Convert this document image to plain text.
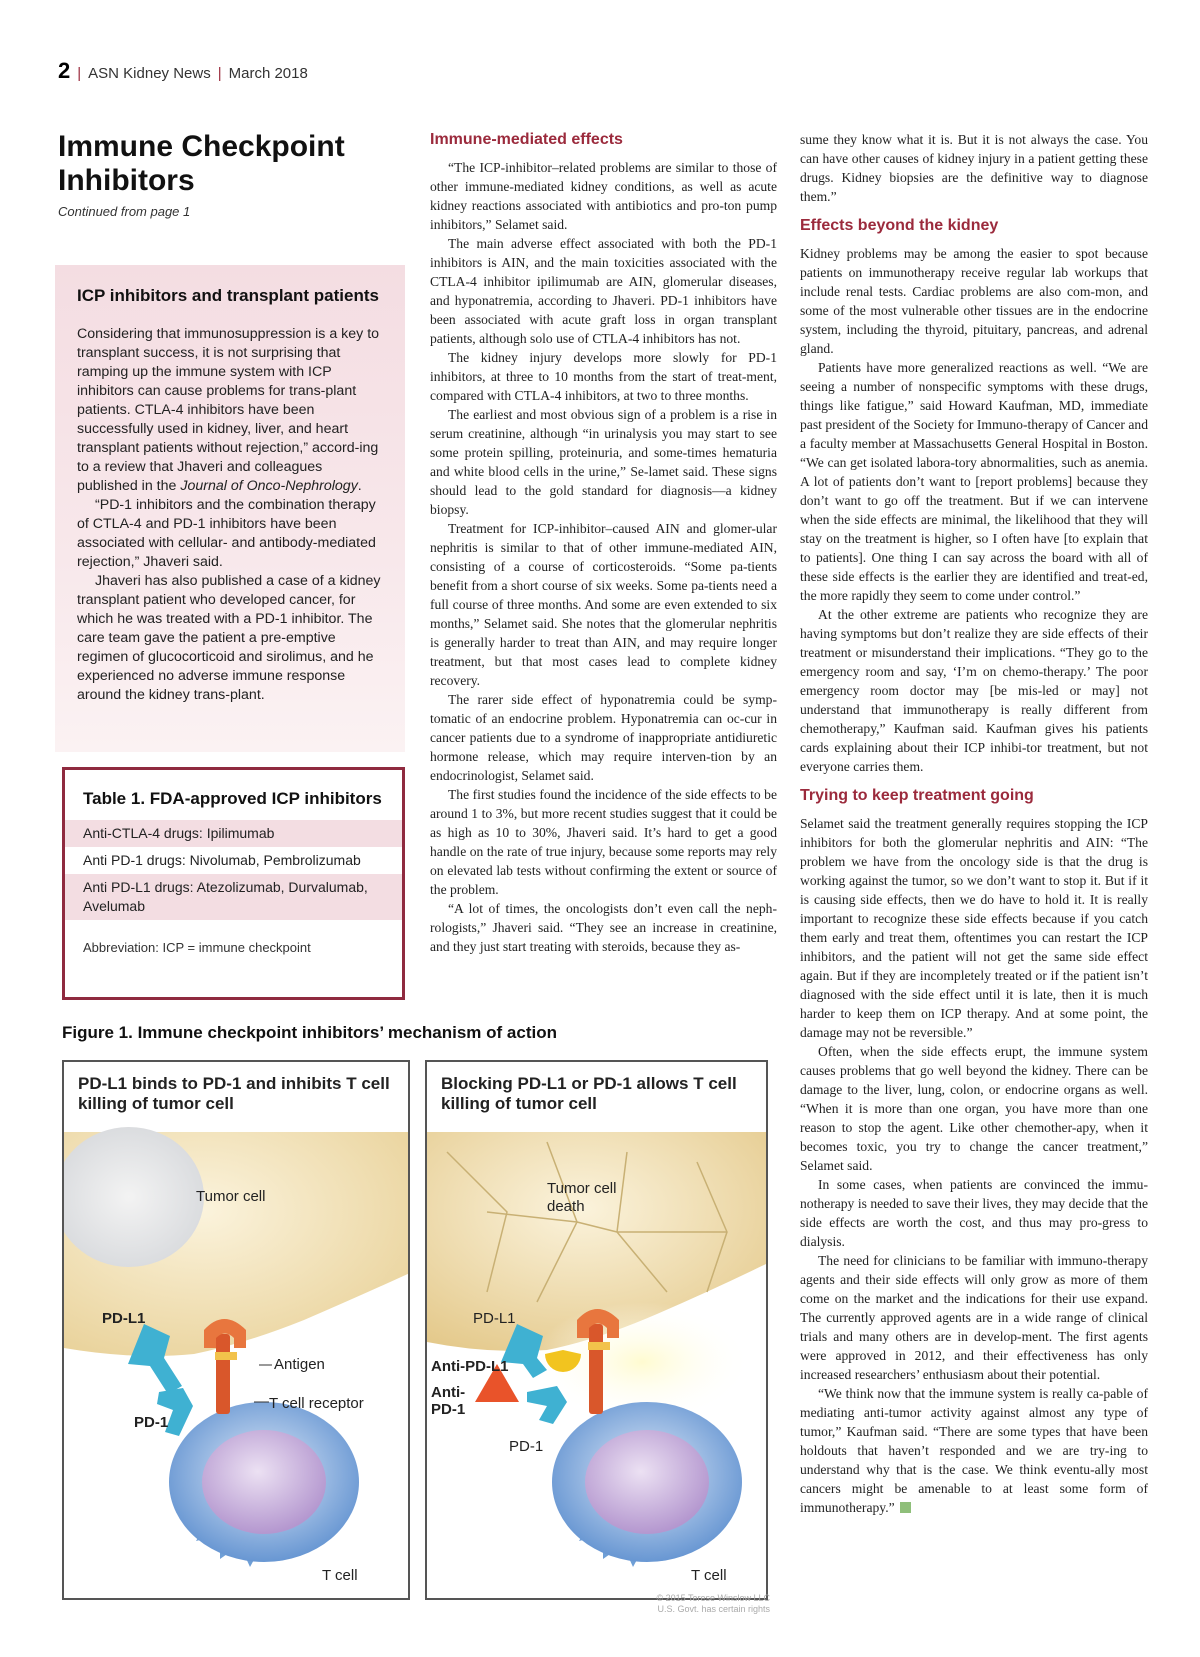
2 | ASN Kidney News | March 2018
Immune Checkpoint Inhibitors
Continued from page 1
ICP inhibitors and transplant patients

Considering that immunosuppression is a key to transplant success, it is not surprising that ramping up the immune system with ICP inhibitors can cause problems for trans-plant patients. CTLA-4 inhibitors have been successfully used in kidney, liver, and heart transplant patients without rejection,” accord-ing to a review that Jhaveri and colleagues published in the Journal of Onco-Nephrology.

“PD-1 inhibitors and the combination therapy of CTLA-4 and PD-1 inhibitors have been associated with cellular- and antibody-mediated rejection,” Jhaveri said.

Jhaveri has also published a case of a kidney transplant patient who developed cancer, for which he was treated with a PD-1 inhibitor. The care team gave the patient a pre-emptive regimen of glucocorticoid and sirolimus, and he experienced no adverse immune response around the kidney trans-plant.

Table 1. FDA-approved ICP inhibitors
Anti-CTLA-4 drugs: Ipilimumab
Anti PD-1 drugs: Nivolumab, Pembrolizumab
Anti PD-L1 drugs: Atezolizumab, Durvalumab, Avelumab
Abbreviation: ICP = immune checkpoint
Figure 1. Immune checkpoint inhibitors’ mechanism of action
PD-L1 binds to PD-1 and inhibits T cell killing of tumor cell
Tumor cell
PD-L1
Antigen
T cell receptor
PD-1
T cell
Blocking PD-L1 or PD-1 allows T cell killing of tumor cell
Tumor cell death
PD-L1
Anti-PD-L1
Anti-PD-1
PD-1
T cell
© 2015 Terese Winslow LLC
U.S. Govt. has certain rights
Immune-mediated effects

“The ICP-inhibitor–related problems are similar to those of other immune-mediated kidney conditions, as well as acute kidney reactions associated with antibiotics and pro-ton pump inhibitors,” Selamet said.

The main adverse effect associated with both the PD-1 inhibitors is AIN, and the main toxicities associated with the CTLA-4 inhibitor ipilimumab are AIN, glomerular diseases, and hyponatremia, according to Jhaveri. PD-1 inhibitors have been associated with acute graft loss in organ transplant patients, although solo use of CTLA-4 inhibitors has not.

The kidney injury develops more slowly for PD-1 inhibitors, at three to 10 months from the start of treat-ment, compared with CTLA-4 inhibitors, at two to three months.

The earliest and most obvious sign of a problem is a rise in serum creatinine, although “in urinalysis you may start to see some protein spilling, proteinuria, and some-times hematuria and white blood cells in the urine,” Se-lamet said. These signs should lead to the gold standard for diagnosis—a kidney biopsy.

Treatment for ICP-inhibitor–caused AIN and glomer-ular nephritis is similar to that of other immune-mediated AIN, consisting of a course of corticosteroids. “Some pa-tients benefit from a short course of six weeks. Some pa-tients need a full course of three months. And some are even extended to six months,” Selamet said. She notes that the glomerular nephritis is generally harder to treat than AIN, and may require longer treatment, but that most cases lead to complete kidney recovery.

The rarer side effect of hyponatremia could be symp-tomatic of an endocrine problem. Hyponatremia can oc-cur in cancer patients due to a syndrome of inappropriate antidiuretic hormone release, which may require interven-tion by an endocrinologist, Selamet said.

The first studies found the incidence of the side effects to be around 1 to 3%, but more recent studies suggest that it could be as high as 10 to 30%, Jhaveri said. It’s hard to get a good handle on the rate of true injury, because some reports may rely on elevated lab tests without confirming the extent or source of the problem.

“A lot of times, the oncologists don’t even call the neph-rologists,” Jhaveri said. “They see an increase in creatinine, and they just start treating with steroids, because they as-

sume they know what it is. But it is not always the case. You can have other causes of kidney injury in a patient getting these drugs. Kidney biopsies are the definitive way to diagnose them.”

Effects beyond the kidney

Kidney problems may be among the easier to spot because patients on immunotherapy receive regular lab workups that include renal tests. Cardiac problems are also com-mon, and some of the most vulnerable other tissues are in the endocrine system, including the thyroid, pituitary, pancreas, and adrenal gland.

Patients have more generalized reactions as well. “We are seeing a number of nonspecific symptoms with these drugs, things like fatigue,” said Howard Kaufman, MD, immediate past president of the Society for Immuno-therapy of Cancer and a faculty member at Massachusetts General Hospital in Boston. “We can get isolated labora-tory abnormalities, such as anemia. A lot of patients don’t want to [report problems] because they don’t want to go off the treatment. But if we can intervene when the side effects are minimal, the likelihood that they will stay on the treatment is higher, so I often have [to explain that to patients]. One thing I can say across the board with all of these side effects is the earlier they are identified and treat-ed, the more rapidly they seem to come under control.”

At the other extreme are patients who recognize they are having symptoms but don’t realize they are side effects of their treatment or misunderstand their implications. “They go to the emergency room and say, ‘I’m on chemo-therapy.’ The poor emergency room doctor may [be mis-led or may] not understand that immunotherapy is really different from chemotherapy,” Kaufman said. Kaufman gives his patients cards explaining about their ICP inhibi-tor treatment, but not everyone carries them.

Trying to keep treatment going

Selamet said the treatment generally requires stopping the ICP inhibitors for both the glomerular nephritis and AIN: “The problem we have from the oncology side is that the drug is working against the tumor, so we don’t want to stop it. But if it is causing side effects, then we do have to hold it. It is really important to recognize these side effects because if you catch them early and treat them, oftentimes you can restart the ICP inhibitors, and the patient will not get the same side effect again. But if they are incompletely treated or if the patient isn’t diagnosed with the side effect until it is late, then it is much harder to keep them on ICP therapy. And at some point, the damage may not be reversible.”

Often, when the side effects erupt, the immune system causes problems that go well beyond the kidney. There can be damage to the liver, lung, colon, or endocrine organs as well. “When it is more than one organ, you have more than one reason to stop the agent. Like other chemother-apy, when it becomes toxic, you try to change the cancer treatment,” Selamet said.

In some cases, when patients are convinced the immu-notherapy is needed to save their lives, they may decide that the side effects are worth the cost, and thus may pro-gress to dialysis.

The need for clinicians to be familiar with immuno-therapy agents and their side effects will only grow as more of them come on the market and the indications for their use expand. The currently approved agents are in a wide range of clinical trials and many others are in develop-ment. The first agents were approved in 2012, and their effectiveness has only increased researchers’ enthusiasm about their potential.

“We think now that the immune system is really ca-pable of mediating anti-tumor activity against almost any type of tumor,” Kaufman said. “There are some types that have been holdouts that haven’t responded and we are try-ing to understand why that is the case. We think eventu-ally most cancers might be amenable to at least some form of immunotherapy.”
